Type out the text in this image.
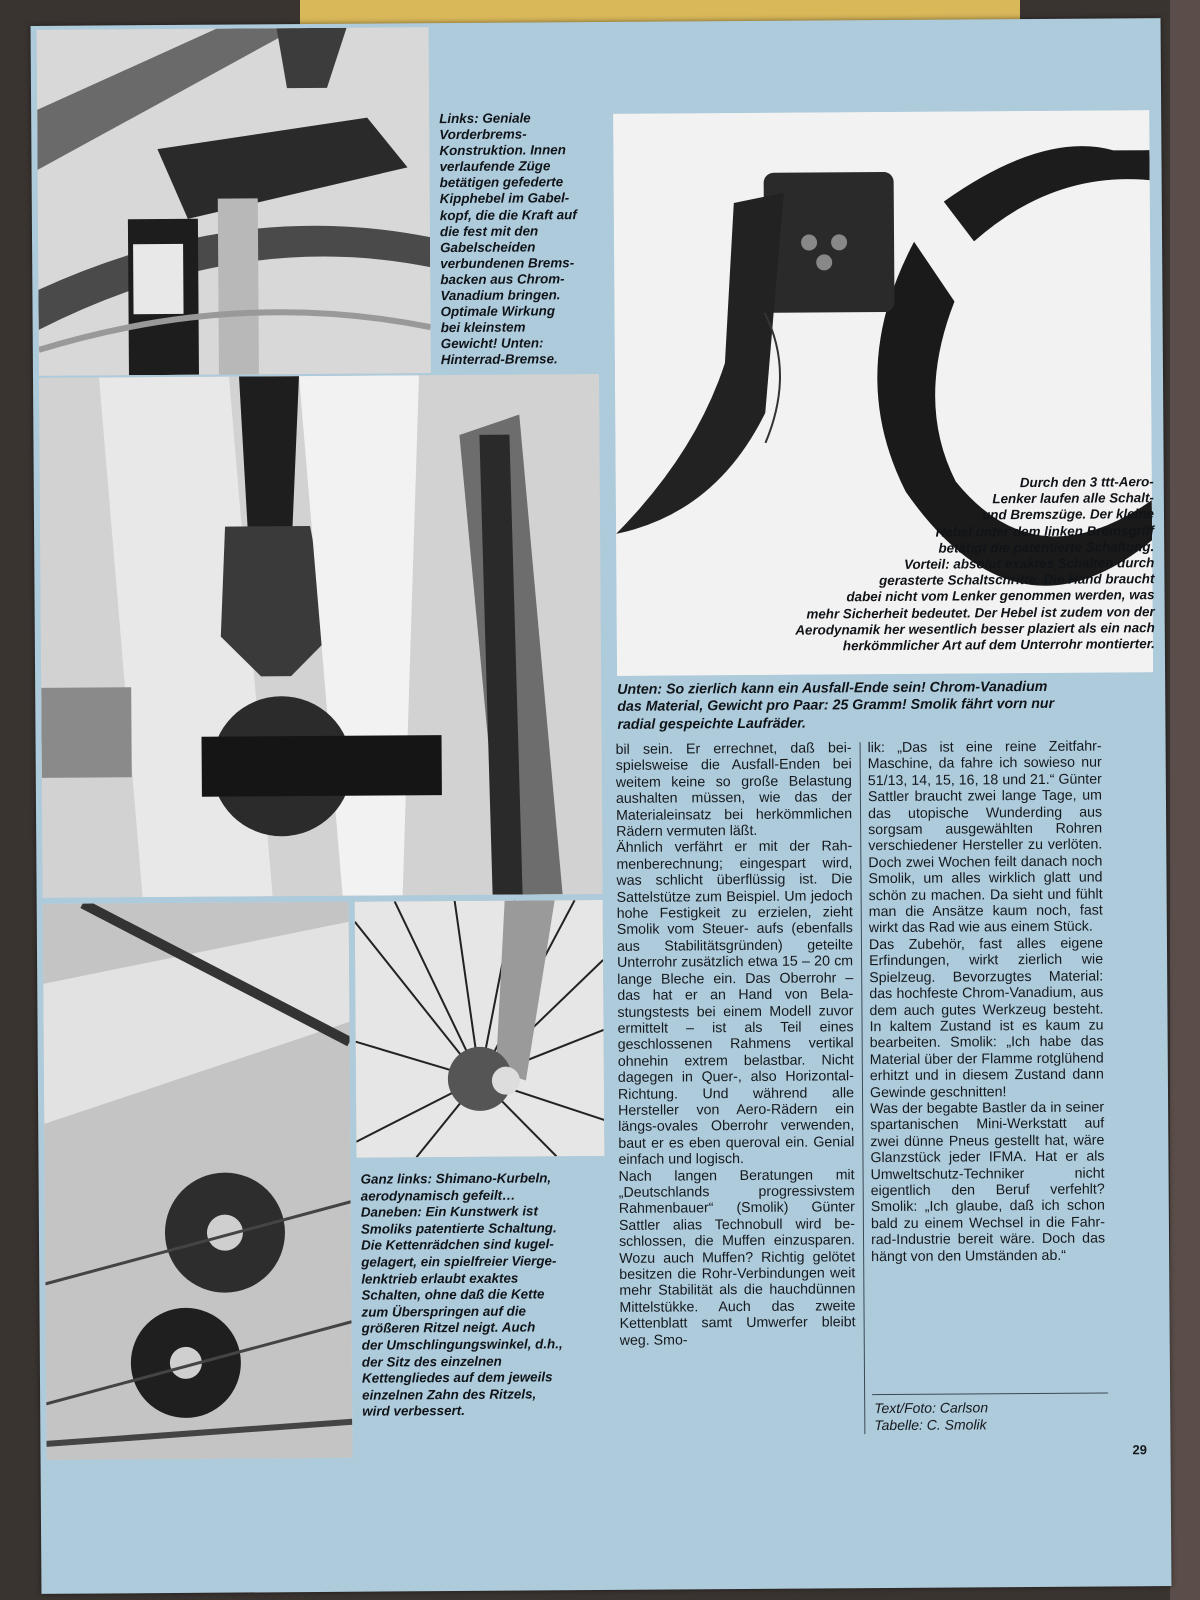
Links: Geniale
Vorderbrems-
Konstruktion. Innen
verlaufende Züge
betätigen gefederte
Kipphebel im Gabel-
kopf, die die Kraft auf
die fest mit den
Gabelscheiden
verbundenen Brems-
backen aus Chrom-
Vanadium bringen.
Optimale Wirkung
bei kleinstem
Gewicht! Unten:
Hinterrad-Bremse.
Durch den 3 ttt-Aero-
Lenker laufen alle Schalt-
und Bremszüge. Der kleine
Hebel unter dem linken Bremsgriff
betätigt die patentierte Schaltung.
Vorteil: absolut exaktes Schalten durch
gerasterte Schaltschritte. Die Hand braucht
dabei nicht vom Lenker genommen werden, was
mehr Sicherheit bedeutet. Der Hebel ist zudem von der
Aerodynamik her wesentlich besser plaziert als ein nach
herkömmlicher Art auf dem Unterrohr montierter.
Unten: So zierlich kann ein Ausfall-Ende sein! Chrom-Vanadium
das Material, Gewicht pro Paar: 25 Gramm! Smolik fährt vorn nur
radial gespeichte Laufräder.
Ganz links: Shimano-Kurbeln,
aerodynamisch gefeilt…
Daneben: Ein Kunstwerk ist
Smoliks patentierte Schaltung.
Die Kettenrädchen sind kugel-
gelagert, ein spielfreier Vierge-
lenktrieb erlaubt exaktes
Schalten, ohne daß die Kette
zum Überspringen auf die
größeren Ritzel neigt. Auch
der Umschlingungswinkel, d.h.,
der Sitz des einzelnen
Kettengliedes auf dem jeweils
einzelnen Zahn des Ritzels,
wird verbessert.

bil sein. Er errechnet, daß beispielsweise die Ausfall-Enden bei weitem keine so große Belastung aushalten müssen, wie das der Materialeinsatz bei herkömmlichen Rädern vermuten läßt.

Ähnlich verfährt er mit der Rahmenberechnung; eingespart wird, was schlicht überflüssig ist. Die Sattelstütze zum Beispiel. Um jedoch hohe Festigkeit zu erzielen, zieht Smolik vom Steuer- aufs (ebenfalls aus Stabilitätsgründen) geteilte Unterrohr zusätzlich etwa 15 – 20 cm lange Bleche ein. Das Oberrohr – das hat er an Hand von Belastungstests bei einem Modell zuvor ermittelt – ist als Teil eines geschlossenen Rahmens vertikal ohnehin extrem belastbar. Nicht dagegen in Quer-, also Horizontal-Richtung. Und während alle Hersteller von Aero-Rädern ein längs-ovales Oberrohr verwenden, baut er es eben queroval ein. Genial einfach und logisch.

Nach langen Beratungen mit „Deutschlands progressivstem Rahmenbauer“ (Smolik) Günter Sattler alias Technobull wird beschlossen, die Muffen einzusparen. Wozu auch Muffen? Richtig gelötet besitzen die Rohr-Verbindungen weit mehr Stabilität als die hauchdünnen Mittelstükke. Auch das zweite Kettenblatt samt Umwerfer bleibt weg. Smo-

lik: „Das ist eine reine Zeitfahr-Maschine, da fahre ich sowieso nur 51/13, 14, 15, 16, 18 und 21.“ Günter Sattler braucht zwei lange Tage, um das utopische Wunderding aus sorgsam ausgewählten Rohren verschiedener Hersteller zu verlöten. Doch zwei Wochen feilt danach noch Smolik, um alles wirklich glatt und schön zu machen. Da sieht und fühlt man die Ansätze kaum noch, fast wirkt das Rad wie aus einem Stück.

Das Zubehör, fast alles eigene Erfindungen, wirkt zierlich wie Spielzeug. Bevorzugtes Material: das hochfeste Chrom-Vanadium, aus dem auch gutes Werkzeug besteht. In kaltem Zustand ist es kaum zu bearbeiten. Smolik: „Ich habe das Material über der Flamme rotglühend erhitzt und in diesem Zustand dann Gewinde geschnitten!

Was der begabte Bastler da in seiner spartanischen Mini-Werkstatt auf zwei dünne Pneus gestellt hat, wäre Glanzstück jeder IFMA. Hat er als Umweltschutz-Techniker nicht eigentlich den Beruf verfehlt? Smolik: „Ich glaube, daß ich schon bald zu einem Wechsel in die Fahrrad-Industrie bereit wäre. Doch das hängt von den Umständen ab.“

Text/Foto: Carlson
Tabelle: C. Smolik
29
